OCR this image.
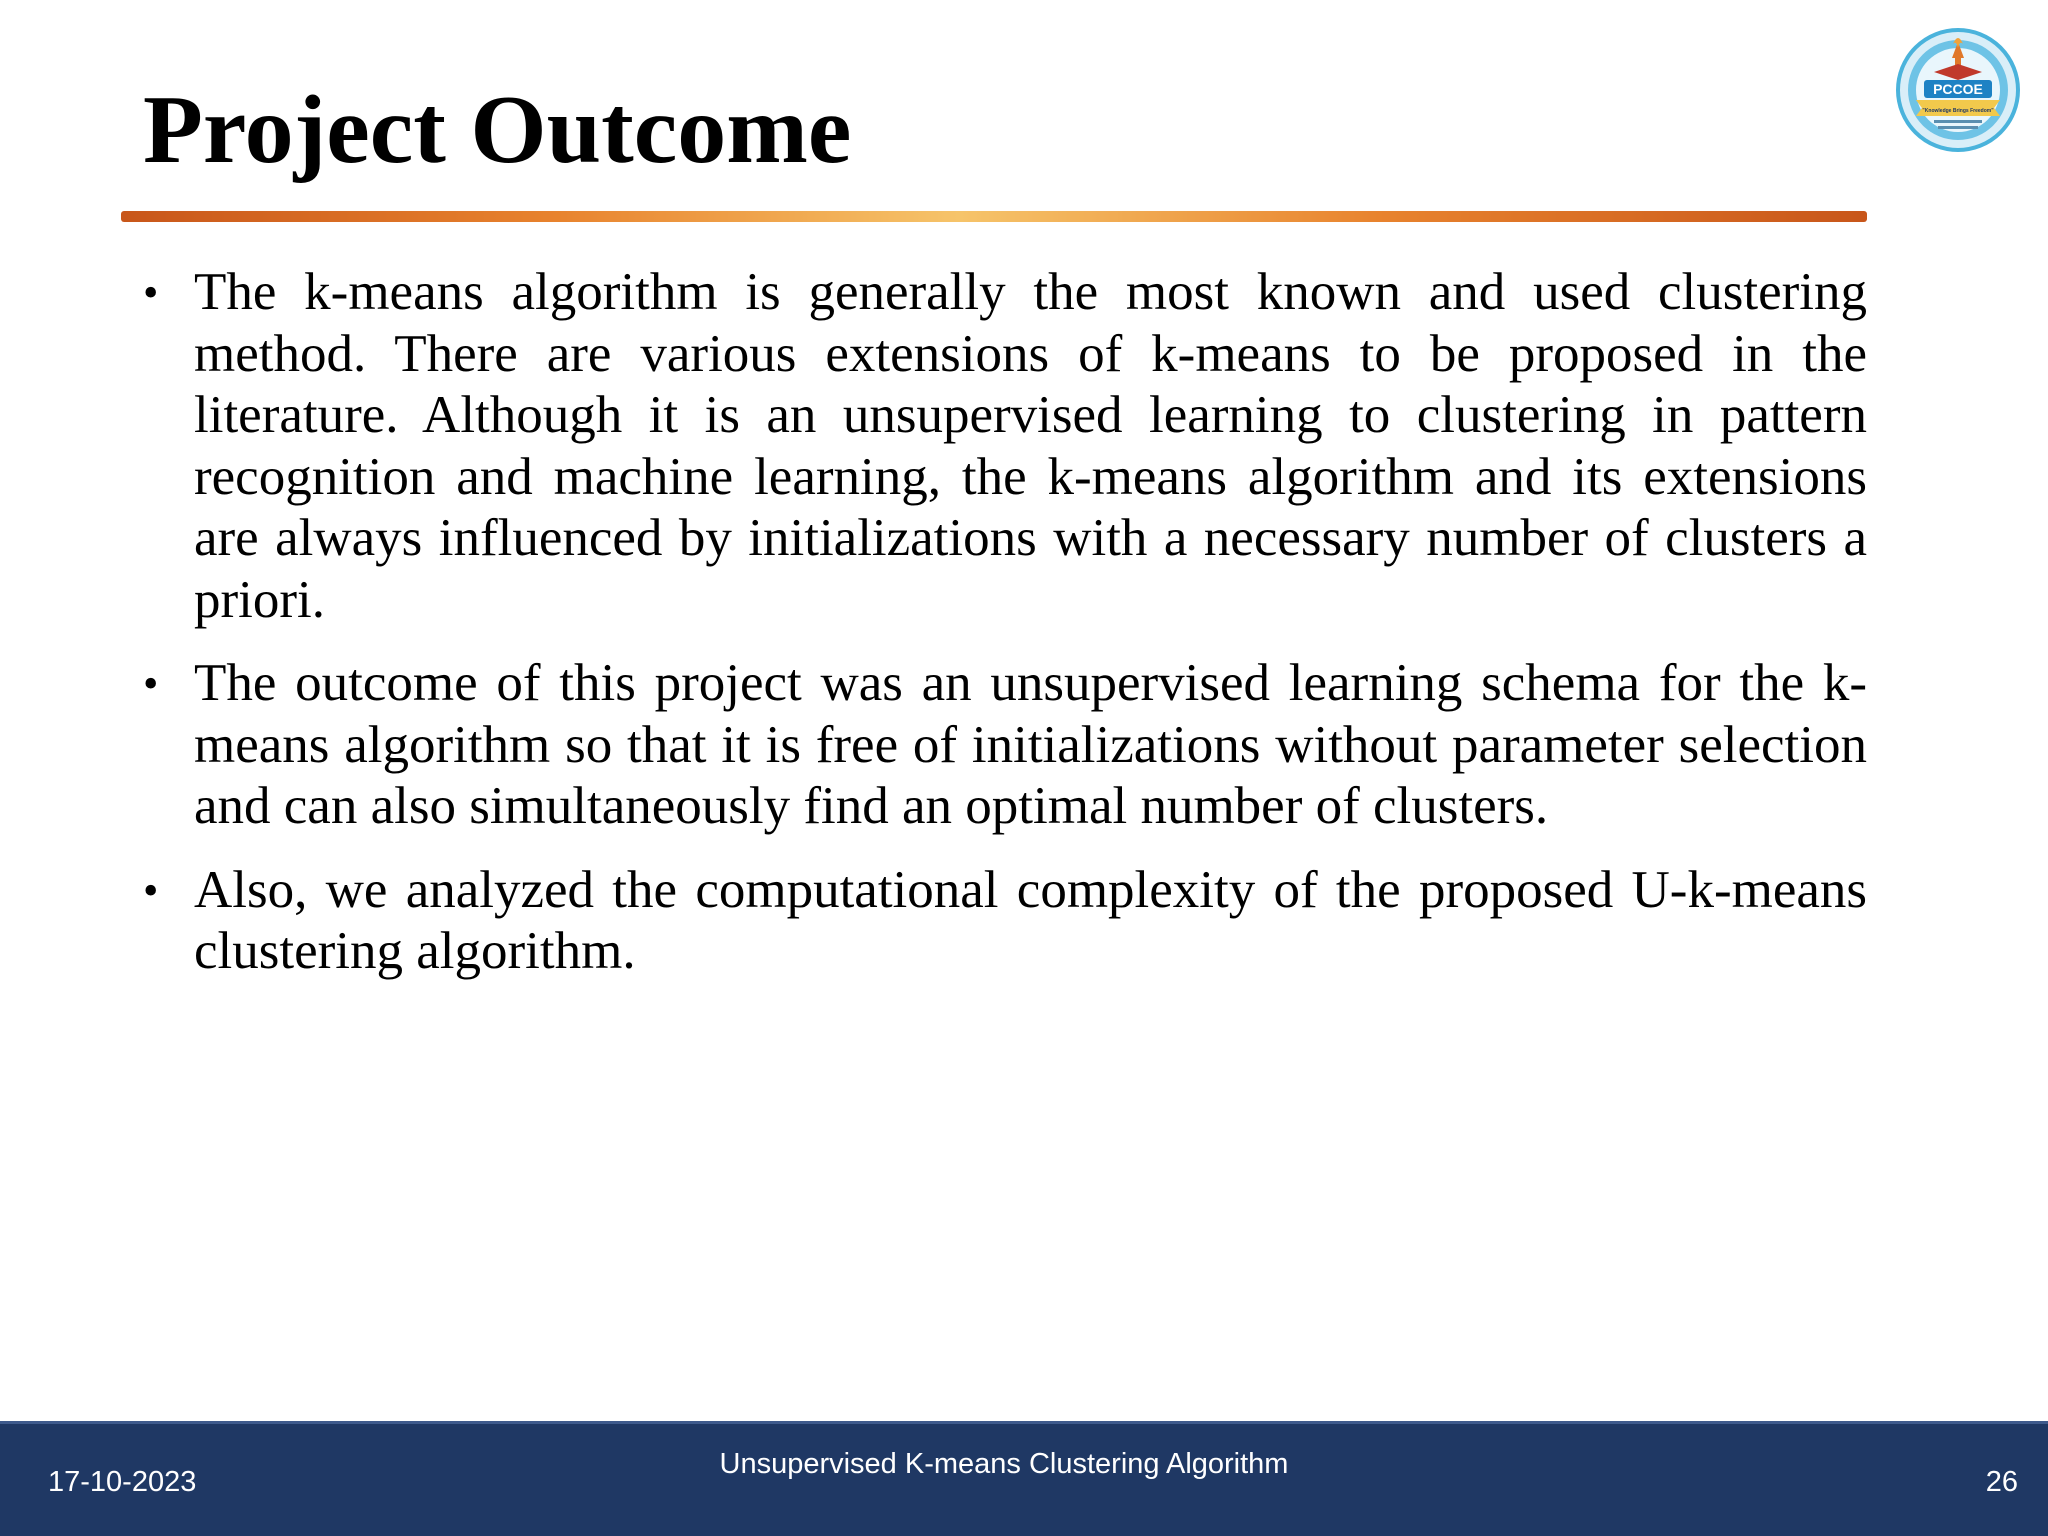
Project Outcome	PCCOE
"Knowledge Brings Freedom"
• The k-means algorithm is generally the most known and used clustering method. There are various extensions of k-means to be proposed in the literature. Although it is an unsupervised learning to clustering in pattern recognition and machine learning, the k-means algorithm and its extensions are always influenced by initializations with a necessary number of clusters a priori.
• The outcome of this project was an unsupervised learning schema for the k-means algorithm so that it is free of initializations without parameter selection and can also simultaneously find an optimal number of clusters.
• Also, we analyzed the computational complexity of the proposed U-k-means clustering algorithm.
17-10-2023
Unsupervised K-means Clustering Algorithm
26
